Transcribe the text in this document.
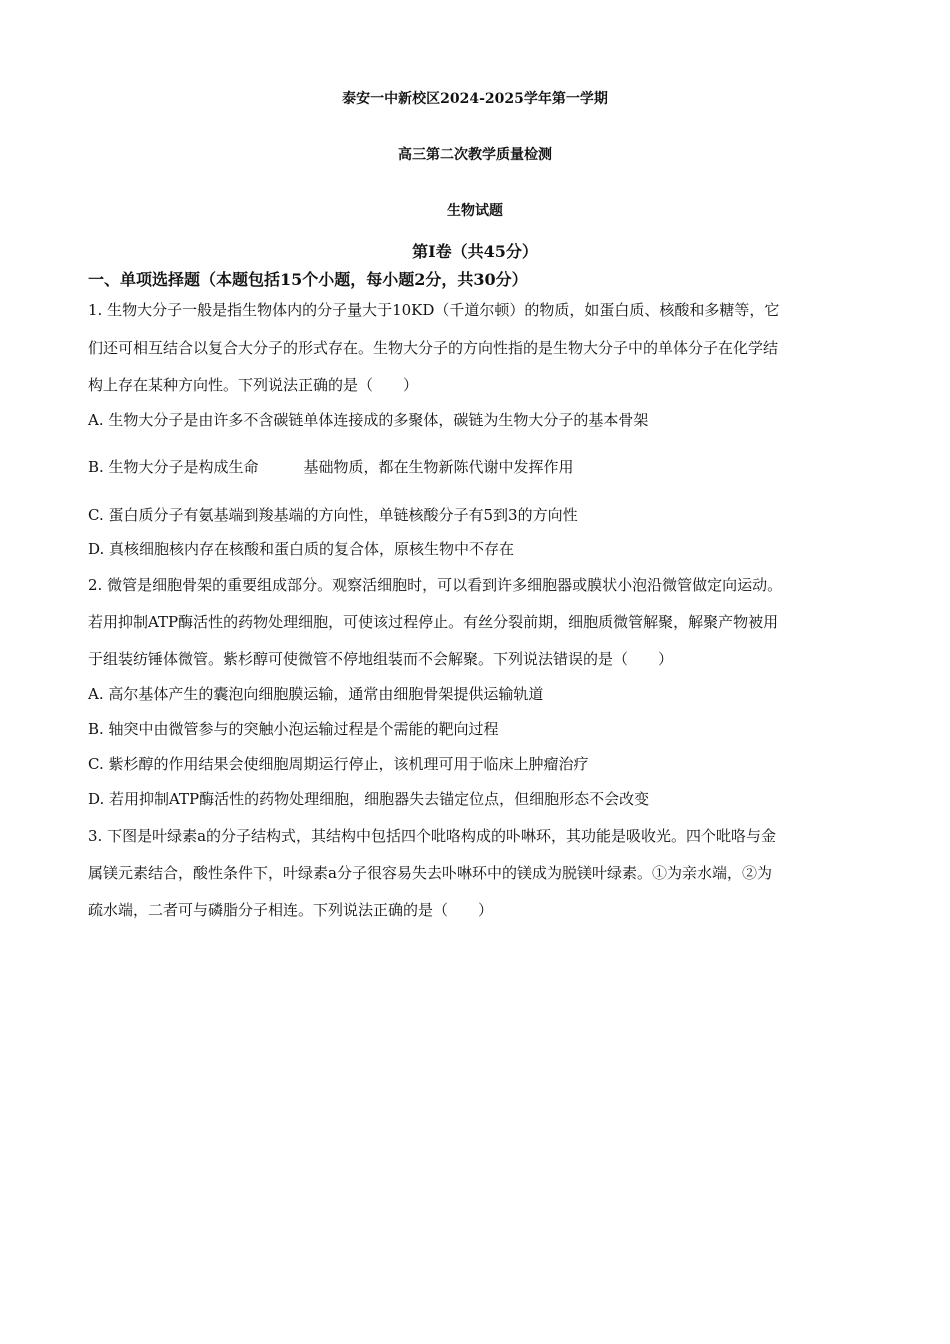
泰安一中新校区2024-2025学年第一学期
高三第二次教学质量检测
生物试题
第Ⅰ卷（共45分）
一、单项选择题（本题包括15个小题，每小题2分，共30分）
1. 生物大分子一般是指生物体内的分子量大于10KD（千道尔顿）的物质，如蛋白质、核酸和多糖等，它
们还可相互结合以复合大分子的形式存在。生物大分子的方向性指的是生物大分子中的单体分子在化学结
构上存在某种方向性。下列说法正确的是（　　）
A. 生物大分子是由许多不含碳链单体连接成的多聚体，碳链为生物大分子的基本骨架
B. 生物大分子是构成生命　　　基础物质，都在生物新陈代谢中发挥作用
C. 蛋白质分子有氨基端到羧基端的方向性，单链核酸分子有5到3的方向性
D. 真核细胞核内存在核酸和蛋白质的复合体，原核生物中不存在
2. 微管是细胞骨架的重要组成部分。观察活细胞时，可以看到许多细胞器或膜状小泡沿微管做定向运动。
若用抑制ATP酶活性的药物处理细胞，可使该过程停止。有丝分裂前期，细胞质微管解聚，解聚产物被用
于组装纺锤体微管。紫杉醇可使微管不停地组装而不会解聚。下列说法错误的是（　　）
A. 高尔基体产生的囊泡向细胞膜运输，通常由细胞骨架提供运输轨道
B. 轴突中由微管参与的突触小泡运输过程是个需能的靶向过程
C. 紫杉醇的作用结果会使细胞周期运行停止，该机理可用于临床上肿瘤治疗
D. 若用抑制ATP酶活性的药物处理细胞，细胞器失去锚定位点，但细胞形态不会改变
3. 下图是叶绿素a的分子结构式，其结构中包括四个吡咯构成的卟啉环，其功能是吸收光。四个吡咯与金
属镁元素结合，酸性条件下，叶绿素a分子很容易失去卟啉环中的镁成为脱镁叶绿素。①为亲水端，②为
疏水端，二者可与磷脂分子相连。下列说法正确的是（　　）
